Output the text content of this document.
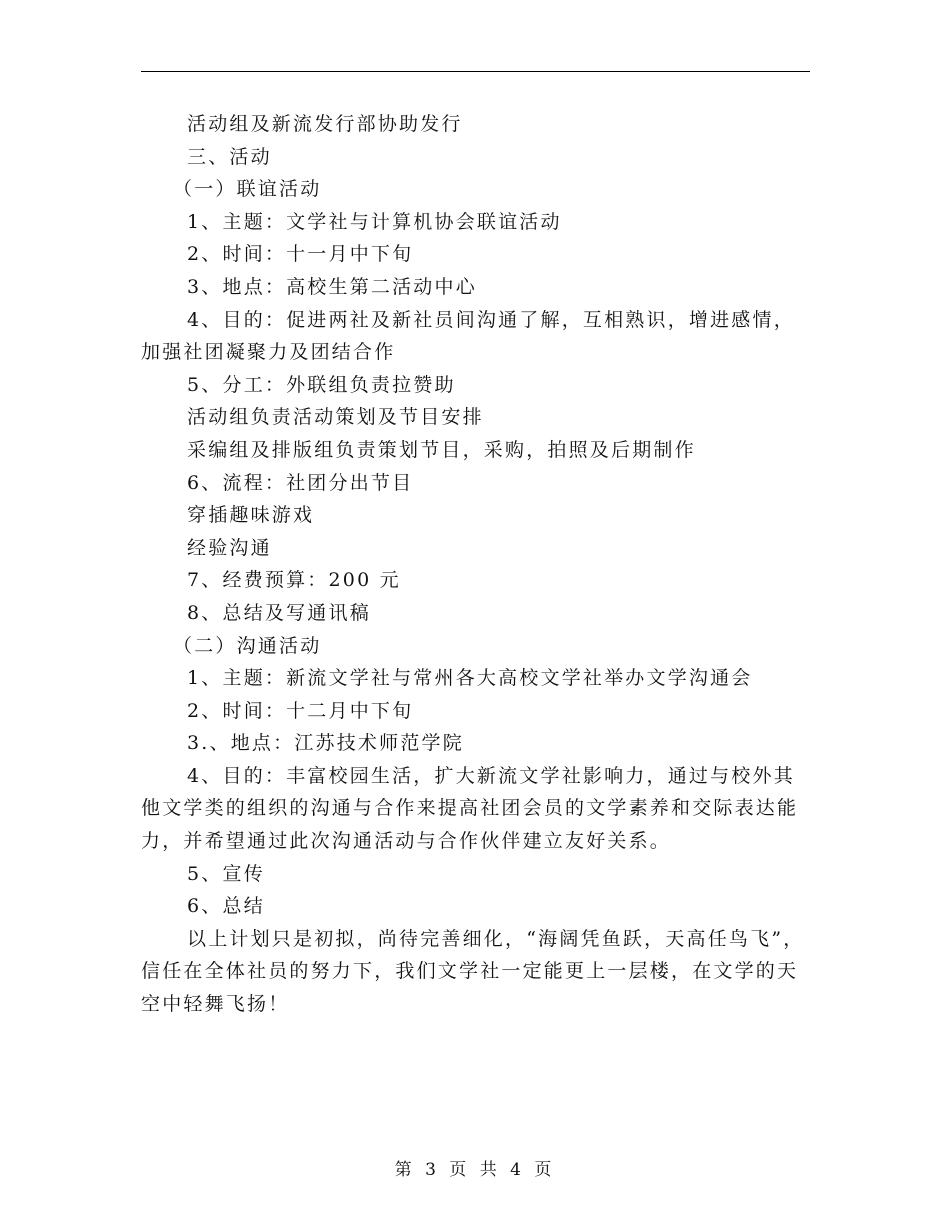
活动组及新流发行部协助发行

三、活动

（一）联谊活动

1、主题：文学社与计算机协会联谊活动

2、时间：十一月中下旬

3、地点：高校生第二活动中心

4、目的：促进两社及新社员间沟通了解，互相熟识，增进感情，加强社团凝聚力及团结合作

5、分工：外联组负责拉赞助

活动组负责活动策划及节目安排

采编组及排版组负责策划节目，采购，拍照及后期制作

6、流程：社团分出节目

穿插趣味游戏

经验沟通

7、经费预算：200 元

8、总结及写通讯稿

（二）沟通活动

1、主题：新流文学社与常州各大高校文学社举办文学沟通会

2、时间：十二月中下旬

3.、地点：江苏技术师范学院

4、目的：丰富校园生活，扩大新流文学社影响力，通过与校外其他文学类的组织的沟通与合作来提高社团会员的文学素养和交际表达能力，并希望通过此次沟通活动与合作伙伴建立友好关系。

5、宣传

6、总结

以上计划只是初拟，尚待完善细化，“海阔凭鱼跃，天高任鸟飞”，信任在全体社员的努力下，我们文学社一定能更上一层楼，在文学的天空中轻舞飞扬！

第 3 页 共 4 页
